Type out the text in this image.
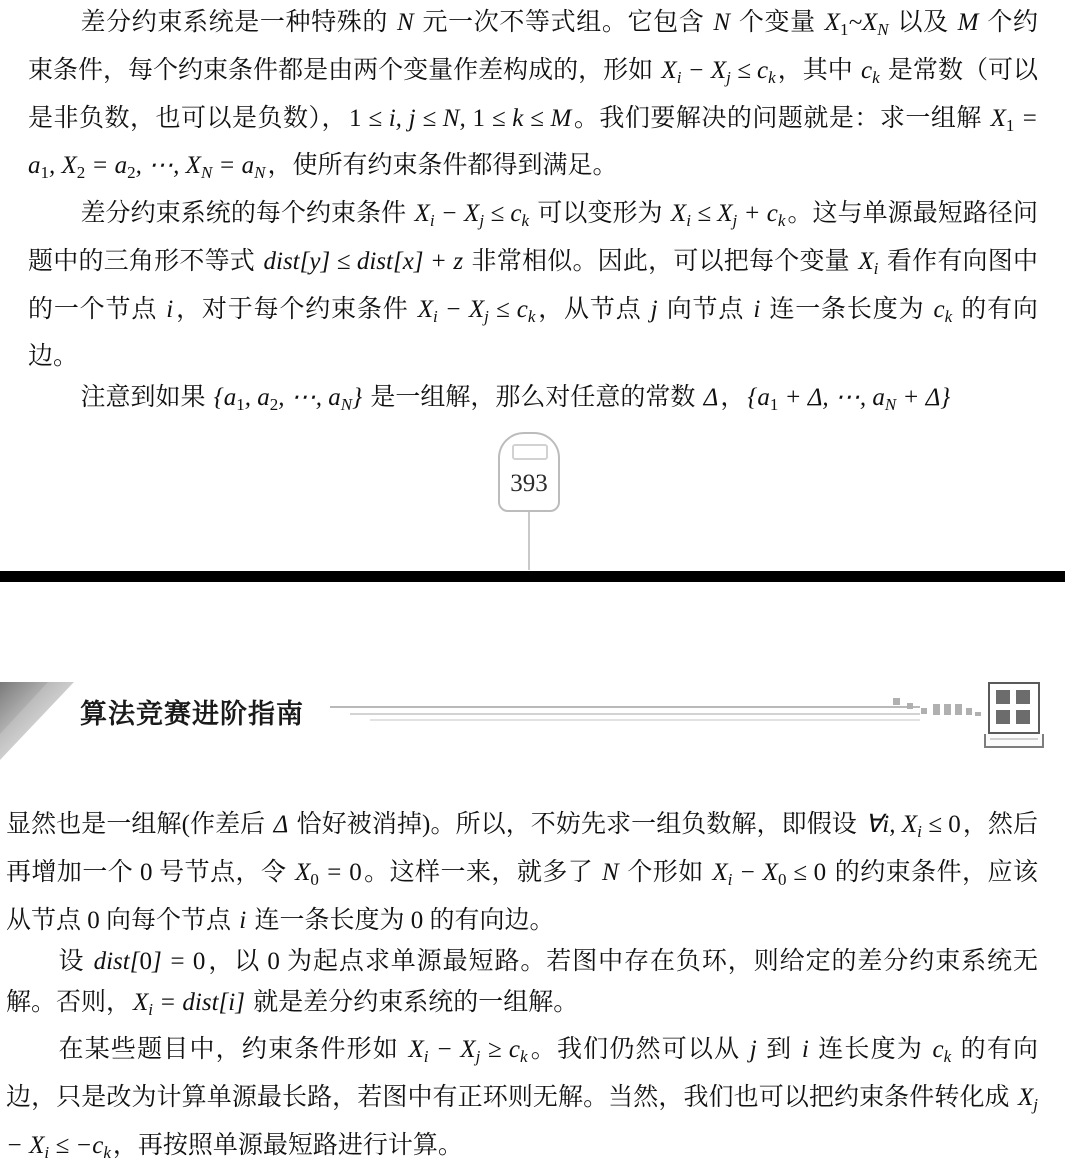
差分约束系统是一种特殊的 N 元一次不等式组。它包含 N 个变量 $X_1\sim X_N$ 以及 M 个约束条件，每个约束条件都是由两个变量作差构成的，形如 $X_i - X_j \le c_k$，其中 $c_k$ 是常数（可以是非负数，也可以是负数），1 ≤ i, j ≤ N, 1 ≤ k ≤ M。我们要解决的问题就是：求一组解 $X_1 = a_1$, $X_2 = a_2$, ⋯, $X_N = a_N$，使所有约束条件都得到满足。

差分约束系统的每个约束条件 $X_i - X_j \le c_k$ 可以变形为 $X_i \le X_j + c_k$。这与单源最短路径问题中的三角形不等式 dist[y] ≤ dist[x] + z 非常相似。因此，可以把每个变量 $X_i$ 看作有向图中的一个节点 i，对于每个约束条件 $X_i - X_j \le c_k$，从节点 j 向节点 i 连一条长度为 $c_k$ 的有向边。

注意到如果 {$a_1$, $a_2$, ⋯, $a_N$} 是一组解，那么对任意的常数 Δ，{$a_1 + \Delta$, ⋯, $a_N + \Delta$}

393
算法竞赛进阶指南

显然也是一组解(作差后 Δ 恰好被消掉)。所以，不妨先求一组负数解，即假设 ∀i, $X_i \le 0$，然后再增加一个 0 号节点，令 $X_0 = 0$。这样一来，就多了 N 个形如 $X_i - X_0 \le 0$ 的约束条件，应该从节点 0 向每个节点 i 连一条长度为 0 的有向边。

设 dist[0] = 0，以 0 为起点求单源最短路。若图中存在负环，则给定的差分约束系统无解。否则，$X_i$ = dist[i] 就是差分约束系统的一组解。

在某些题目中，约束条件形如 $X_i - X_j \ge c_k$。我们仍然可以从 j 到 i 连长度为 $c_k$ 的有向边，只是改为计算单源最长路，若图中有正环则无解。当然，我们也可以把约束条件转化成 $X_j - X_i \le -c_k$，再按照单源最短路进行计算。
